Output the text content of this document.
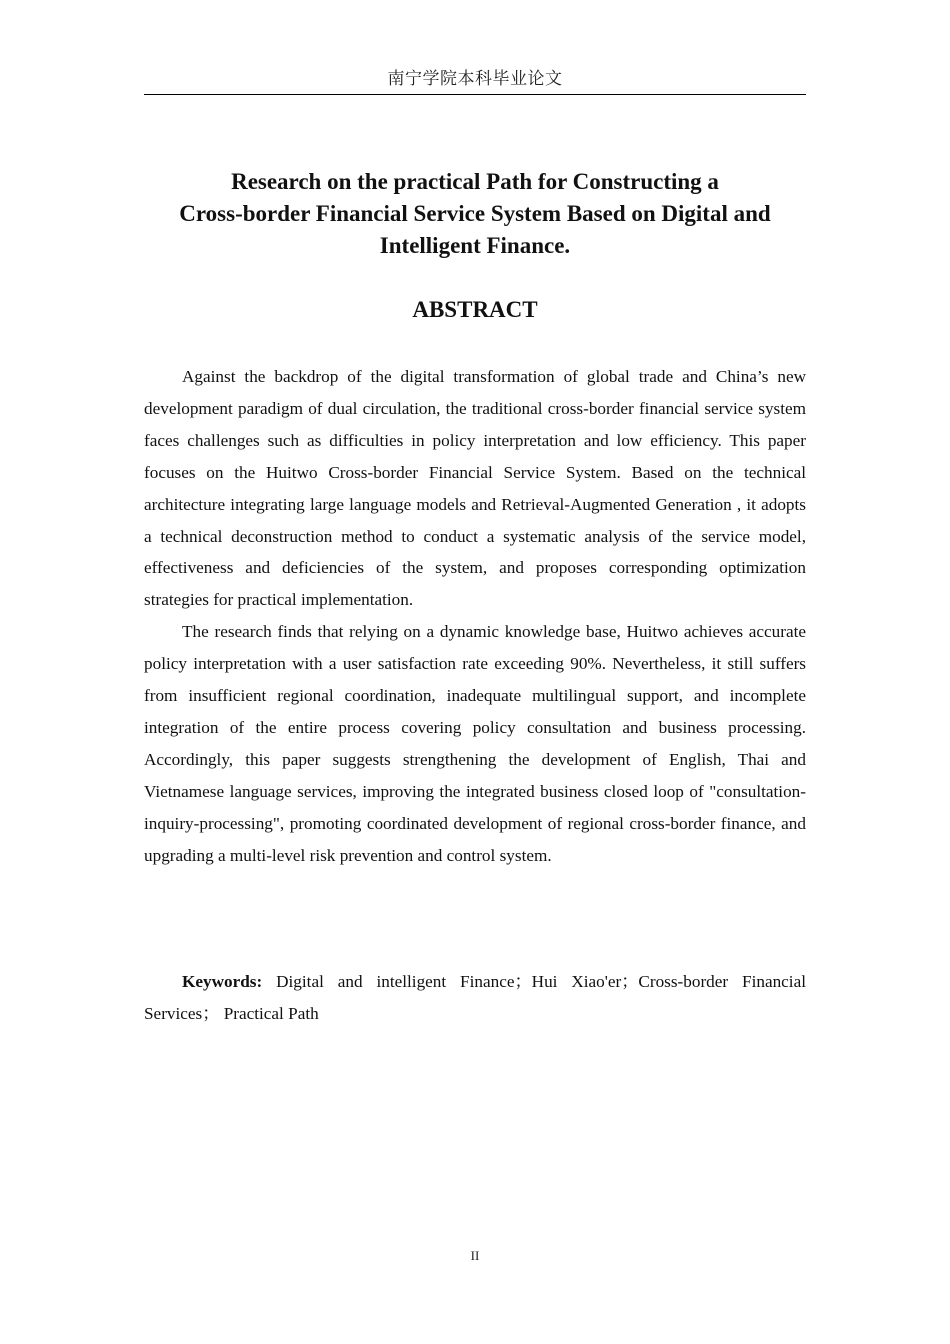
南宁学院本科毕业论文
Research on the practical Path for Constructing a
Cross-border Financial Service System Based on Digital and
Intelligent Finance.
ABSTRACT

Against the backdrop of the digital transformation of global trade and China’s new development paradigm of dual circulation, the traditional cross-border financial service system faces challenges such as difficulties in policy interpretation and low efficiency. This paper focuses on the Huitwo Cross-border Financial Service System. Based on the technical architecture integrating large language models and Retrieval-Augmented Generation , it adopts a technical deconstruction method to conduct a systematic analysis of the service model, effectiveness and deficiencies of the system, and proposes corresponding optimization strategies for practical implementation.

The research finds that relying on a dynamic knowledge base, Huitwo achieves accurate policy interpretation with a user satisfaction rate exceeding 90%. Nevertheless, it still suffers from insufficient regional coordination, inadequate multilingual support, and incomplete integration of the entire process covering policy consultation and business processing. Accordingly, this paper suggests strengthening the development of English, Thai and Vietnamese language services, improving the integrated business closed loop of "consultation-inquiry-processing", promoting coordinated development of regional cross-border finance, and upgrading a multi-level risk prevention and control system.

Keywords: Digital and intelligent Finance；Hui Xiao'er；Cross-border Financial Services； Practical Path

II
